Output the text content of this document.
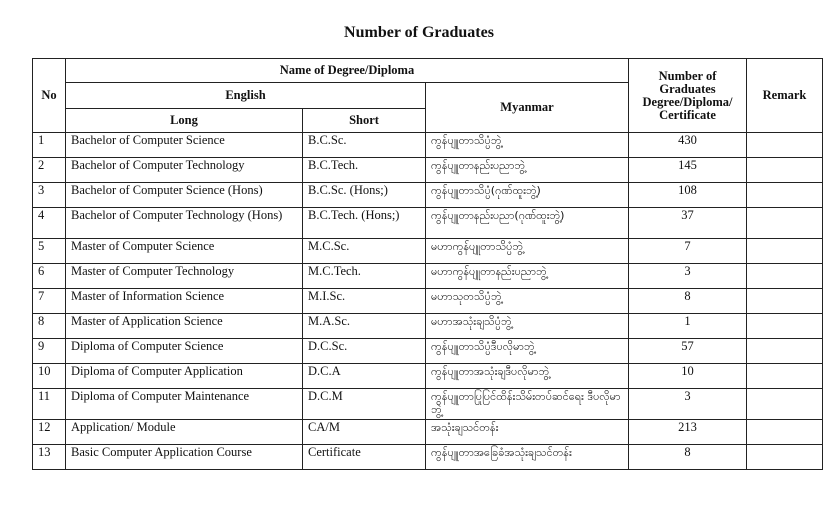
Number of Graduates
No	Name of Degree/Diploma			Number of Graduates Degree/Diploma/ Certificate	Remark
	English		Myanmar		
	Long	Short			
1	Bachelor of Computer Science	B.C.Sc.	ကွန်ပျူတာသိပ္ပံဘွဲ့	430	
2	Bachelor of Computer Technology	B.C.Tech.	ကွန်ပျူတာနည်းပညာဘွဲ့	145	
3	Bachelor of Computer Science (Hons)	B.C.Sc. (Hons;)	ကွန်ပျူတာသိပ္ပံ(ဂုဏ်ထူးဘွဲ့)	108	
4	Bachelor of Computer Technology (Hons)	B.C.Tech. (Hons;)	ကွန်ပျူတာနည်းပညာ(ဂုဏ်ထူးဘွဲ့)	37	
5	Master of Computer Science	M.C.Sc.	မဟာကွန်ပျူတာသိပ္ပံဘွဲ့	7	
6	Master of Computer Technology	M.C.Tech.	မဟာကွန်ပျူတာနည်းပညာဘွဲ့	3	
7	Master of Information Science	M.I.Sc.	မဟာသုတသိပ္ပံဘွဲ့	8	
8	Master of Application Science	M.A.Sc.	မဟာအသုံးချသိပ္ပံဘွဲ့	1	
9	Diploma of Computer Science	D.C.Sc.	ကွန်ပျူတာသိပ္ပံဒီပလိုမာဘွဲ့	57	
10	Diploma of Computer Application	D.C.A	ကွန်ပျူတာအသုံးချဒီပလိုမာဘွဲ့	10	
11	Diploma of Computer Maintenance	D.C.M	ကွန်ပျူတာပြုပြင်ထိန်းသိမ်းတပ်ဆင်ရေး ဒီပလိုမာဘွဲ့	3	
12	Application/ Module	CA/M	အသုံးချသင်တန်း	213	
13	Basic Computer Application Course	Certificate	ကွန်ပျူတာအခြေခံအသုံးချသင်တန်း	8	
